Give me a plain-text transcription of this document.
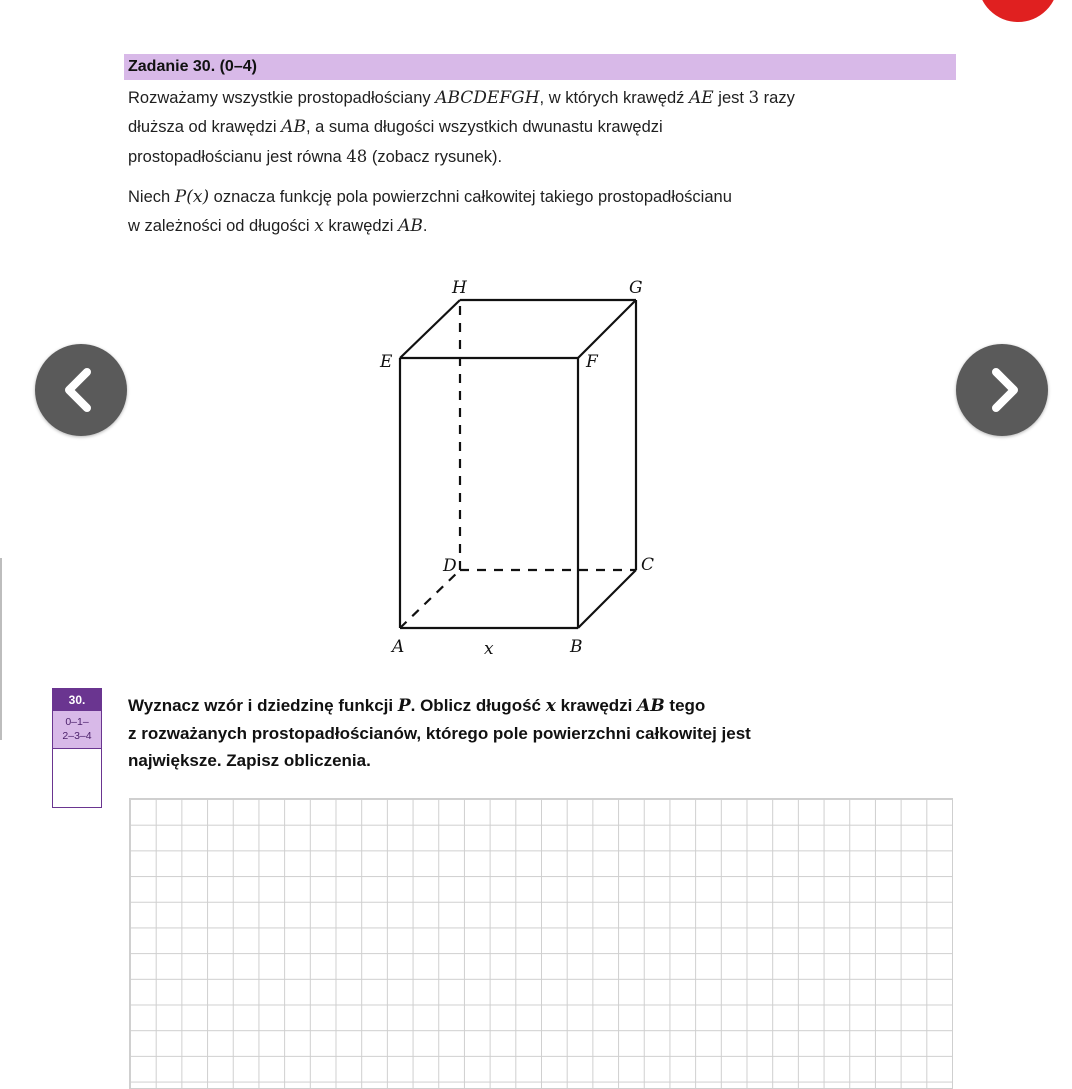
Zadanie 30. (0–4)
Rozważamy wszystkie prostopadłościany ABCDEFGH, w których krawędź AE jest 3 razy
dłuższa od krawędzi AB, a suma długości wszystkich dwunastu krawędzi
prostopadłościanu jest równa 48 (zobacz rysunek).
Niech P(x) oznacza funkcję pola powierzchni całkowitej takiego prostopadłościanu
w zależności od długości x krawędzi AB.
A	B
C
D
E	F
G
H
x
30.
0–1–
2–3–4
Wyznacz wzór i dziedzinę funkcji P. Oblicz długość x krawędzi AB tego
z rozważanych prostopadłościanów, którego pole powierzchni całkowitej jest
największe. Zapisz obliczenia.
